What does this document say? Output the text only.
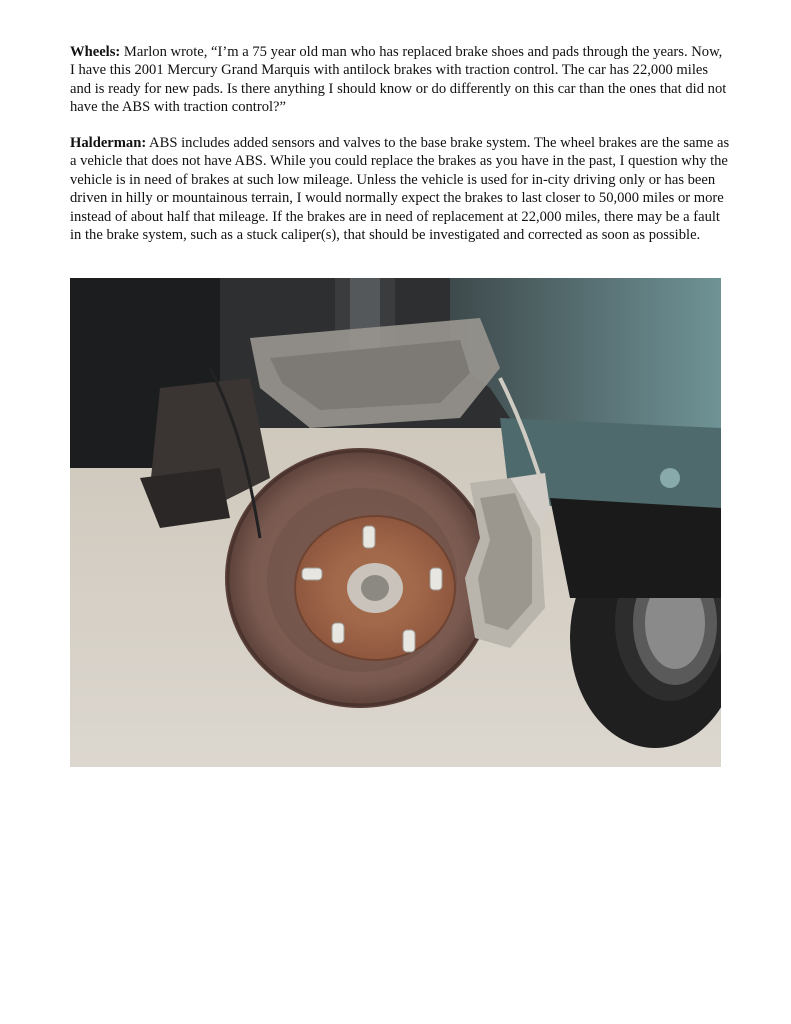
Wheels: Marlon wrote, “I’m a 75 year old man who has replaced brake shoes and pads through the years. Now, I have this 2001 Mercury Grand Marquis with antilock brakes with traction control. The car has 22,000 miles and is ready for new pads. Is there anything I should know or do differently on this car than the ones that did not have the ABS with traction control?”

Halderman: ABS includes added sensors and valves to the base brake system. The wheel brakes are the same as a vehicle that does not have ABS. While you could replace the brakes as you have in the past, I question why the vehicle is in need of brakes at such low mileage. Unless the vehicle is used for in-city driving only or has been driven in hilly or mountainous terrain, I would normally expect the brakes to last closer to 50,000 miles or more instead of about half that mileage. If the brakes are in need of replacement at 22,000 miles, there may be a fault in the brake system, such as a stuck caliper(s), that should be investigated and corrected as soon as possible.
